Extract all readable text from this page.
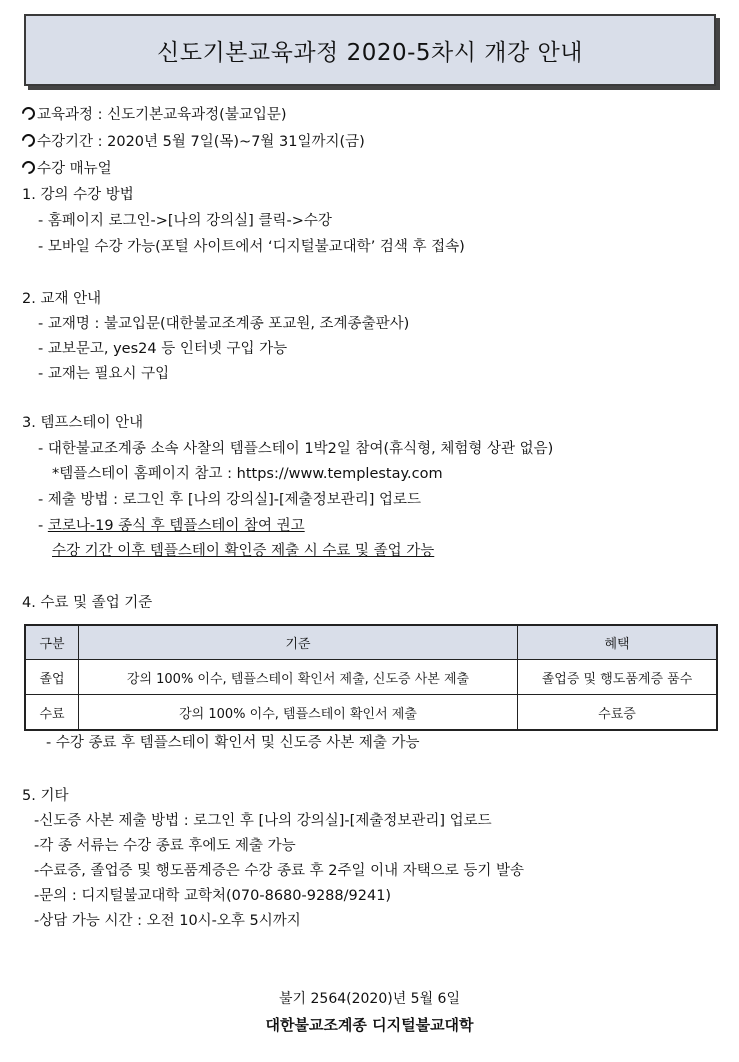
신도기본교육과정 2020-5차시 개강 안내
교육과정 : 신도기본교육과정(불교입문)
수강기간 : 2020년 5월 7일(목)~7월 31일까지(금)
수강 매뉴얼
1. 강의 수강 방법
- 홈페이지 로그인->[나의 강의실] 클릭->수강
- 모바일 수강 가능(포털 사이트에서 ‘디지털불교대학’ 검색 후 접속)
2. 교재 안내
- 교재명 : 불교입문(대한불교조계종 포교원, 조계종출판사)
- 교보문고, yes24 등 인터넷 구입 가능
- 교재는 필요시 구입
3. 템프스테이 안내
- 대한불교조계종 소속 사찰의 템플스테이 1박2일 참여(휴식형, 체험형 상관 없음)
*템플스테이 홈페이지 참고 : https://www.templestay.com
- 제출 방법 : 로그인 후 [나의 강의실]-[제출정보관리] 업로드
- 코로나-19 종식 후 템플스테이 참여 권고
수강 기간 이후 템플스테이 확인증 제출 시 수료 및 졸업 가능
4. 수료 및 졸업 기준
구분	기준	혜택
졸업	강의 100% 이수, 템플스테이 확인서 제출, 신도증 사본 제출	졸업증 및 행도품계증 품수
수료	강의 100% 이수, 템플스테이 확인서 제출	수료증
- 수강 종료 후 템플스테이 확인서 및 신도증 사본 제출 가능
5. 기타
-신도증 사본 제출 방법 : 로그인 후 [나의 강의실]-[제출정보관리] 업로드
-각 종 서류는 수강 종료 후에도 제출 가능
-수료증, 졸업증 및 행도품계증은 수강 종료 후 2주일 이내 자택으로 등기 발송
-문의 : 디지털불교대학 교학처(070-8680-9288/9241)
-상담 가능 시간 : 오전 10시-오후 5시까지
불기 2564(2020)년 5월 6일
대한불교조계종 디지털불교대학
